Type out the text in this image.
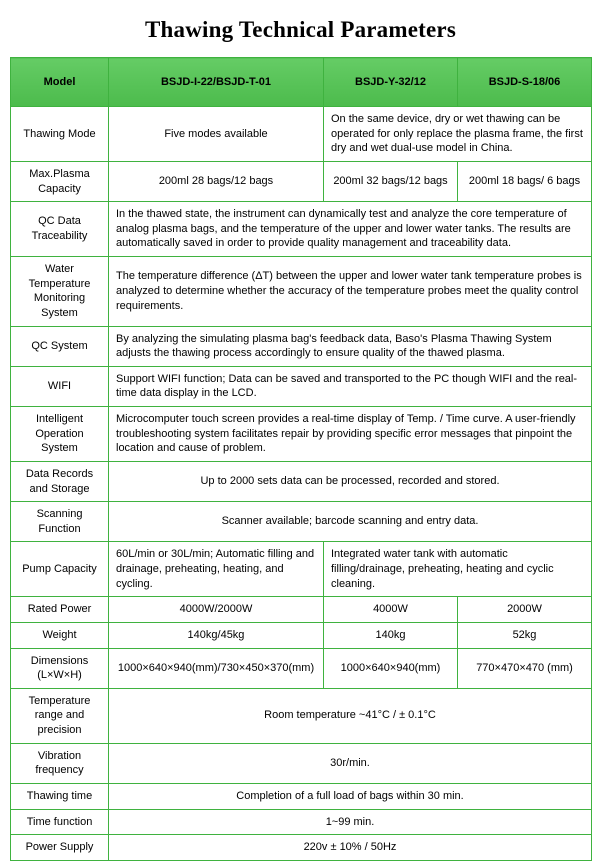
Thawing Technical Parameters
Model	BSJD-I-22/BSJD-T-01	BSJD-Y-32/12	BSJD-S-18/06
Thawing Mode	Five modes available	On the same device, dry or wet thawing can be operated for only replace the plasma frame, the first dry and wet dual-use model in China.	
Max.Plasma Capacity	200ml 28 bags/12 bags	200ml 32 bags/12 bags	200ml 18 bags/ 6 bags
QC Data Traceability	In the thawed state, the instrument can dynamically test and analyze the core temperature of analog plasma bags, and the temperature of the upper and lower water tanks. The results are automatically saved in order to provide quality management and traceability data.		
Water Temperature Monitoring System	The temperature difference (ΔT) between the upper and lower water tank temperature probes is analyzed to determine whether the accuracy of the temperature probes meet the quality control requirements.		
QC System	By analyzing the simulating plasma bag's feedback data, Baso's Plasma Thawing System adjusts the thawing process accordingly to ensure quality of the thawed plasma.		
WIFI	Support WIFI function; Data can be saved and transported to the PC though WIFI and the real-time data display in the LCD.		
Intelligent Operation System	Microcomputer touch screen provides a real-time display of Temp. / Time curve. A user-friendly troubleshooting system facilitates repair by providing specific error messages that pinpoint the location and cause of problem.		
Data Records and Storage	Up to 2000 sets data can be processed, recorded and stored.		
Scanning Function	Scanner available; barcode scanning and entry data.		
Pump Capacity	60L/min or 30L/min; Automatic filling and drainage, preheating, heating, and cycling.	Integrated water tank with automatic filling/drainage, preheating, heating and cyclic cleaning.	
Rated Power	4000W/2000W	4000W	2000W
Weight	140kg/45kg	140kg	52kg
Dimensions (L×W×H)	1000×640×940(mm)/730×450×370(mm)	1000×640×940(mm)	770×470×470 (mm)
Temperature range and precision	Room temperature ~41°C / ± 0.1°C		
Vibration frequency	30r/min.		
Thawing time	Completion of a full load of bags within 30 min.		
Time function	1~99 min.		
Power Supply	220v ± 10% / 50Hz		
